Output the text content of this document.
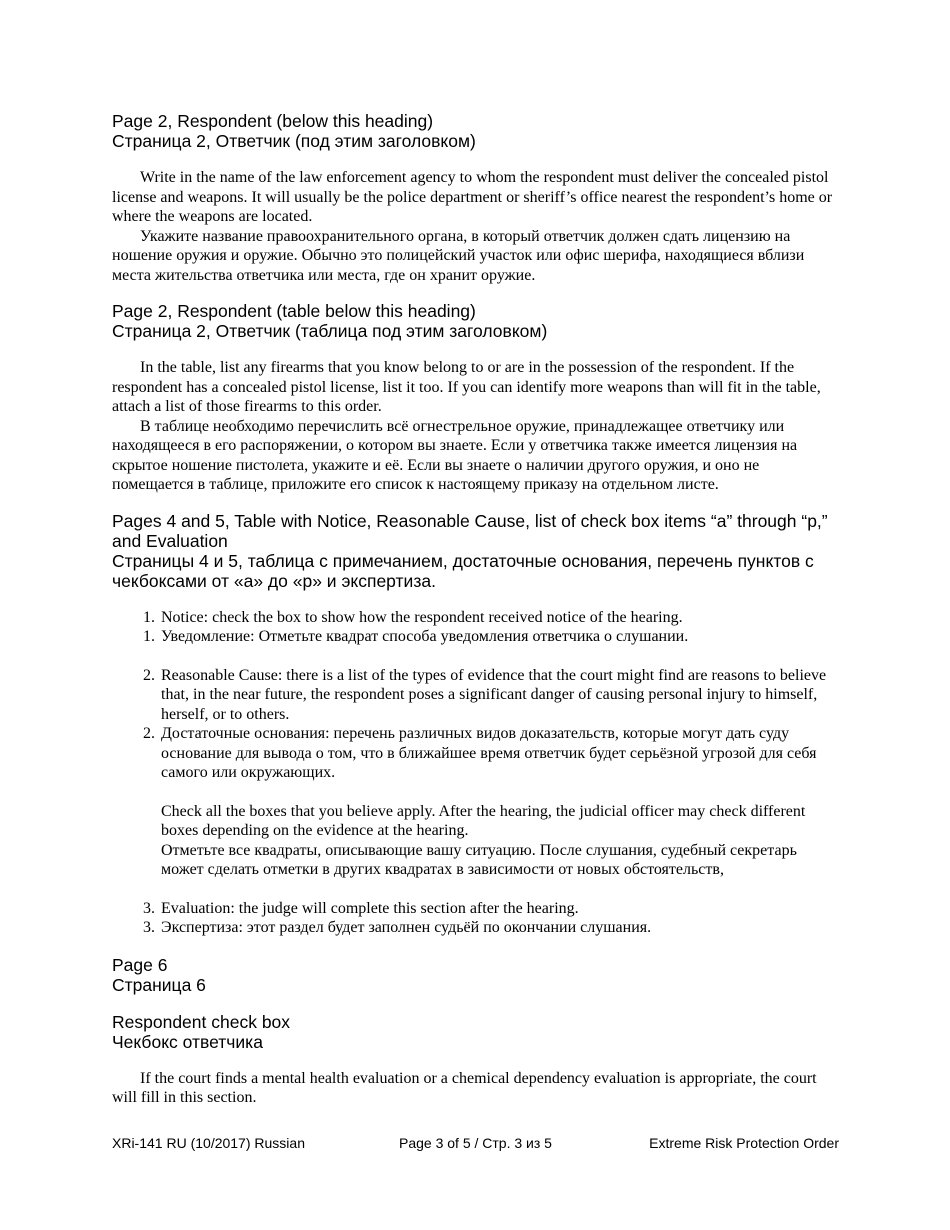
Page 2, Respondent (below this heading)

Страница 2, Ответчик (под этим заголовком)

Write in the name of the law enforcement agency to whom the respondent must deliver the concealed pistol license and weapons. It will usually be the police department or sheriff’s office nearest the respondent’s home or where the weapons are located.

Укажите название правоохранительного органа, в который ответчик должен сдать лицензию на ношение оружия и оружие. Обычно это полицейский участок или офис шерифа, находящиеся вблизи места жительства ответчика или места, где он хранит оружие.

Page 2, Respondent (table below this heading)

Страница 2, Ответчик (таблица под этим заголовком)

In the table, list any firearms that you know belong to or are in the possession of the respondent. If the respondent has a concealed pistol license, list it too. If you can identify more weapons than will fit in the table, attach a list of those firearms to this order.

В таблице необходимо перечислить всё огнестрельное оружие, принадлежащее ответчику или находящееся в его распоряжении, о котором вы знаете. Если у ответчика также имеется лицензия на скрытое ношение пистолета, укажите и её. Если вы знаете о наличии другого оружия, и оно не помещается в таблице, приложите его список к настоящему приказу на отдельном листе.

Pages 4 and 5, Table with Notice, Reasonable Cause, list of check box items “a” through “p,” and Evaluation

Страницы 4 и 5, таблица с примечанием, достаточные основания, перечень пунктов с чекбоксами от «a» до «p» и экспертиза.

1. Notice: check the box to show how the respondent received notice of the hearing.
1. Уведомление: Отметьте квадрат способа уведомления ответчика о слушании.
2. Reasonable Cause: there is a list of the types of evidence that the court might find are reasons to believe that, in the near future, the respondent poses a significant danger of causing personal injury to himself, herself, or to others.
2. Достаточные основания: перечень различных видов доказательств, которые могут дать суду основание для вывода о том, что в ближайшее время ответчик будет серьёзной угрозой для себя самого или окружающих.
Check all the boxes that you believe apply. After the hearing, the judicial officer may check different boxes depending on the evidence at the hearing.
Отметьте все квадраты, описывающие вашу ситуацию. После слушания, судебный секретарь может сделать отметки в других квадратах в зависимости от новых обстоятельств,
3. Evaluation: the judge will complete this section after the hearing.
3. Экспертиза: этот раздел будет заполнен судьёй по окончании слушания.

Page 6

Страница 6

Respondent check box

Чекбокс ответчика

If the court finds a mental health evaluation or a chemical dependency evaluation is appropriate, the court will fill in this section.

XRi-141 RU (10/2017) Russian	Page 3 of 5 / Стр. 3 из 5	Extreme Risk Protection Order
